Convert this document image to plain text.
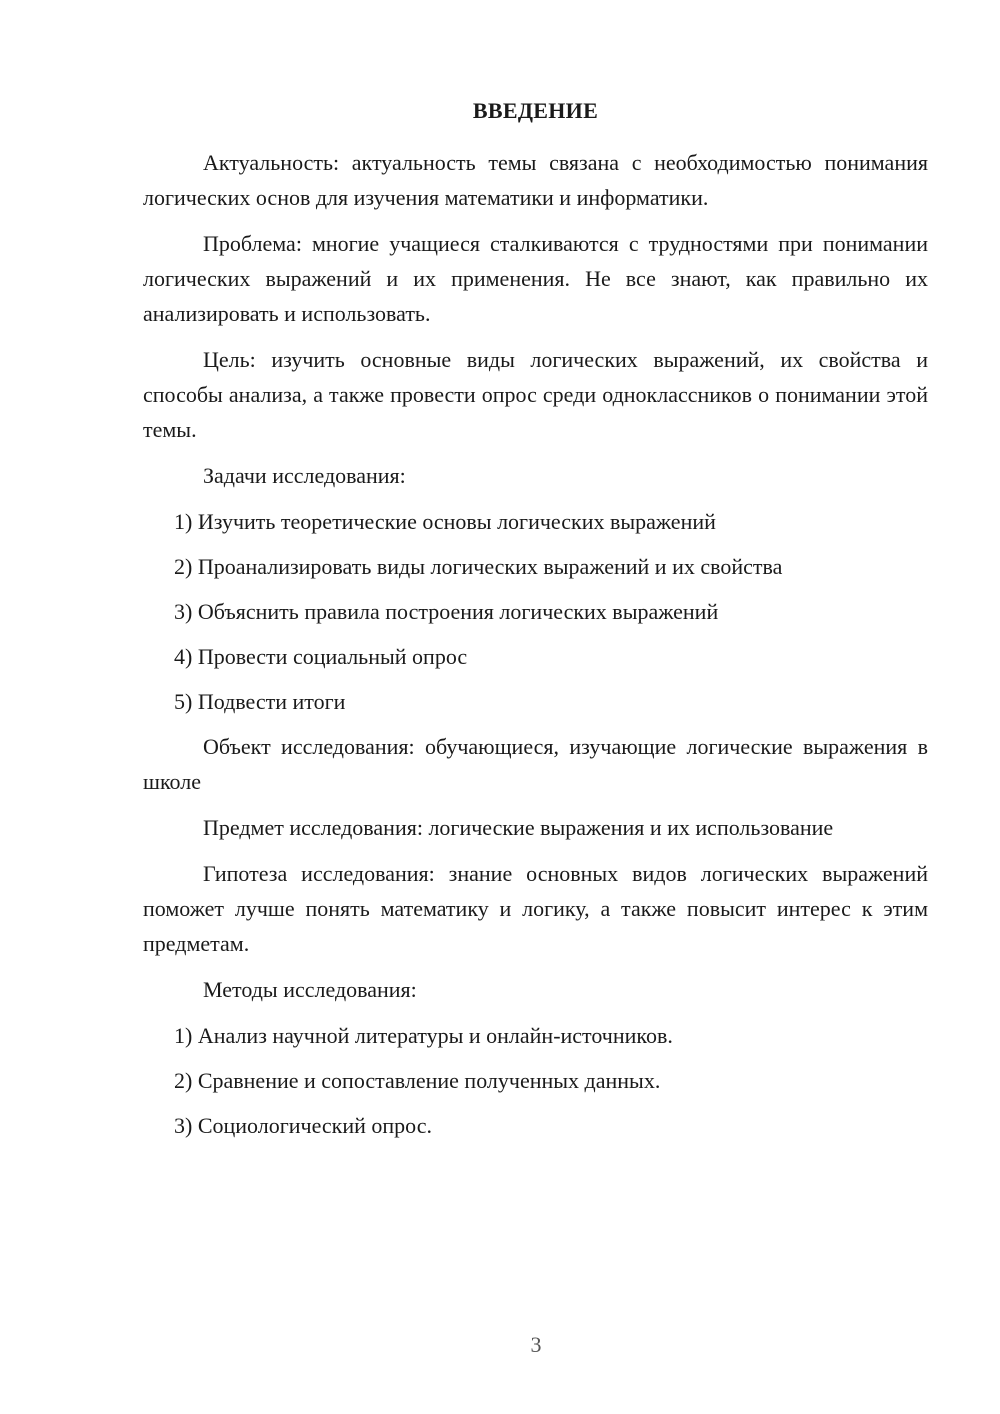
ВВЕДЕНИЕ

Актуальность: актуальность темы связана с необходимостью понимания логических основ для изучения математики и информатики.

Проблема: многие учащиеся сталкиваются с трудностями при понимании логических выражений и их применения. Не все знают, как правильно их анализировать и использовать.

Цель: изучить основные виды логических выражений, их свойства и способы анализа, а также провести опрос среди одноклассников о понимании этой темы.

Задачи исследования:

1) Изучить теоретические основы логических выражений
2) Проанализировать виды логических выражений и их свойства
3) Объяснить правила построения логических выражений
4) Провести социальный опрос
5) Подвести итоги

Объект исследования: обучающиеся, изучающие логические выражения в школе

Предмет исследования: логические выражения и их использование

Гипотеза исследования: знание основных видов логических выражений поможет лучше понять математику и логику, а также повысит интерес к этим предметам.

Методы исследования:

1) Анализ научной литературы и онлайн-источников.
2) Сравнение и сопоставление полученных данных.
3) Социологический опрос.
3
